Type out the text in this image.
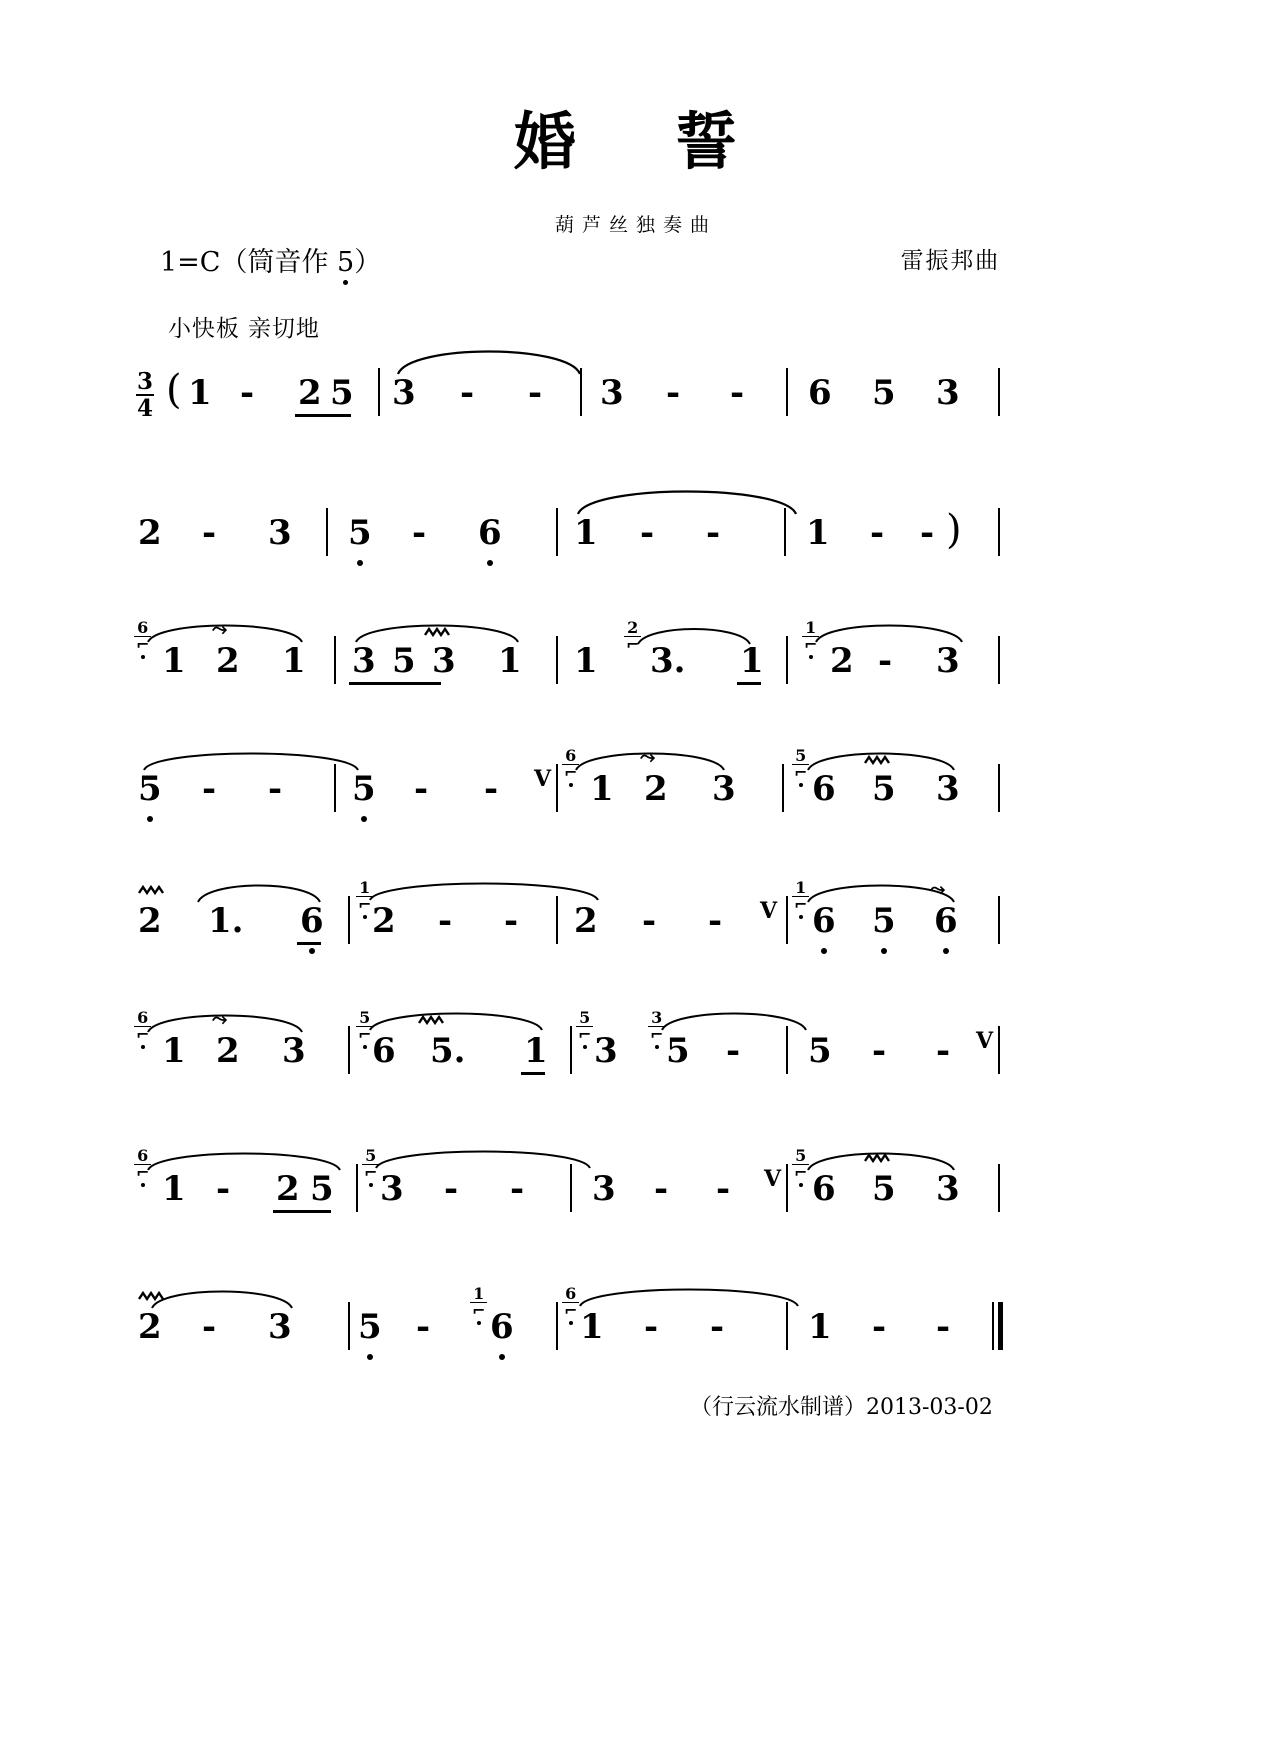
婚 誓
葫芦丝独奏曲
1=C（筒音作 5）	雷振邦曲
小快板 亲切地
$\frac{3}{4}$ ( 1 - 2 5 3 - - 3 - - 6 5 3
2 - 3 5 - 6 1 - -	1 - - )
6
⌐ 1
⤳
2 1 3 5 3 1 1
2
⌐ 3. 1
1
⌐ 2 - 3
5 - - 5 - - V
6
⌐ 1
⤳
2 3
5
⌐ 6 5 3
2 1. 6
1
⌐ 2 - - 2 - - V
1
⌐
⤳
6 5 6
6
⌐
⤳
1 2 3
5
⌐ 6 5. 1
5
⌐ 3
3
⌐ 5 - 5 - - V
6
⌐ 1 - 2 5
5
⌐ 3 - - 3 - - V
5
⌐ 6 5 3
2 - 3 5 -
1
⌐ 6
6
⌐ 1 - - 1 - -
（行云流水制谱）2013-03-02
